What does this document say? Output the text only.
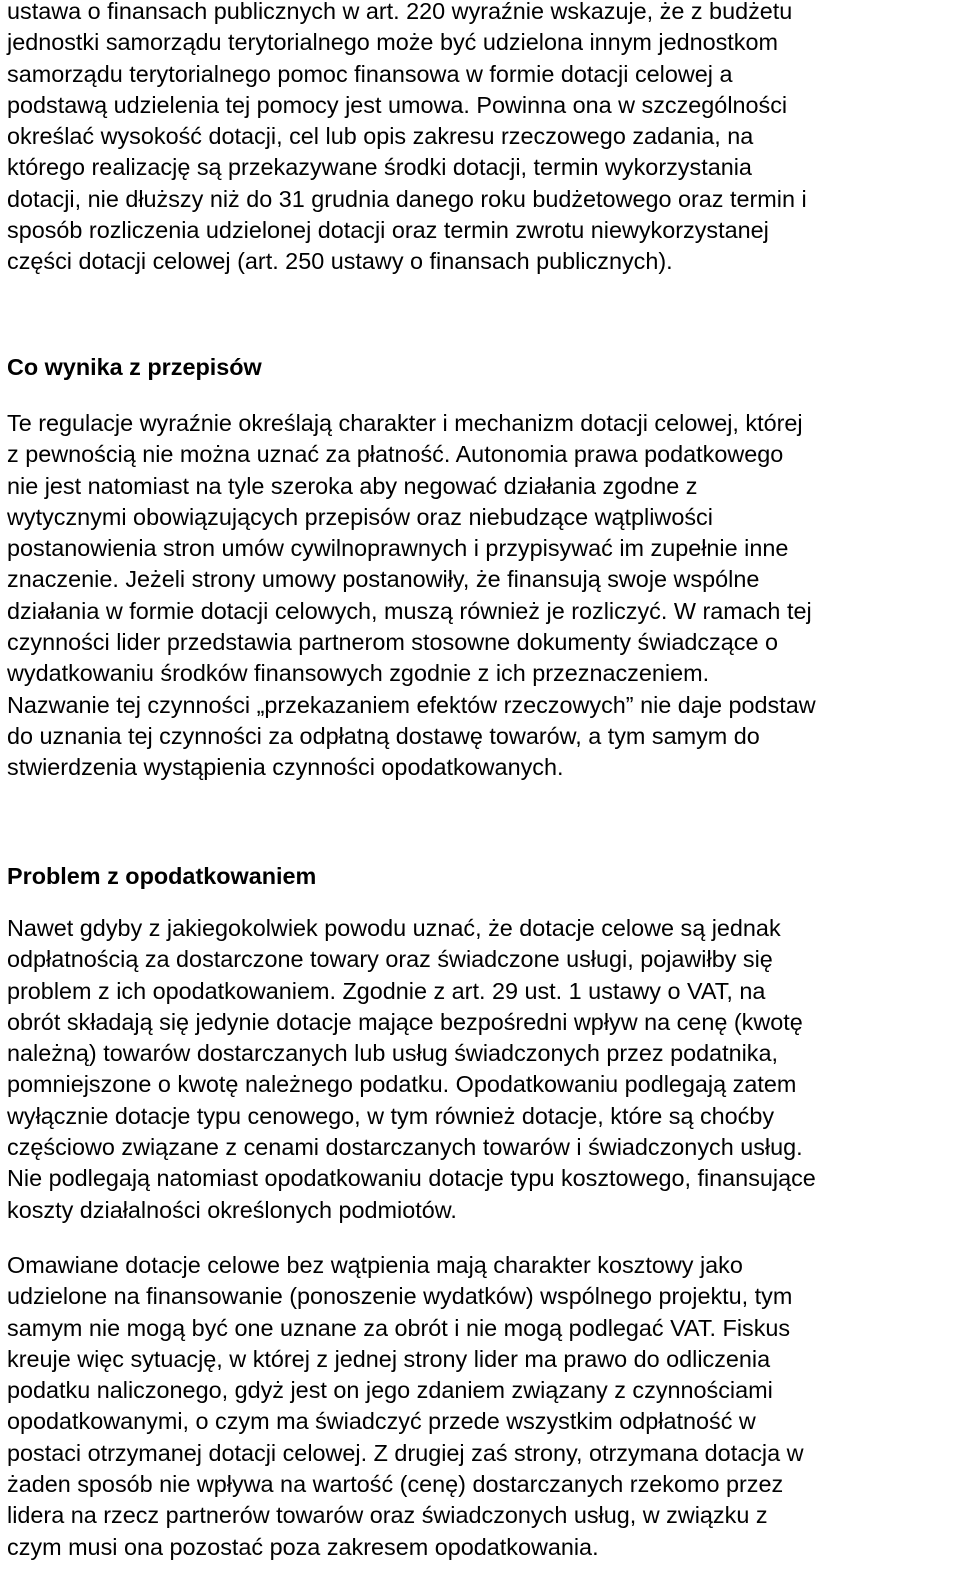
ustawa o finansach publicznych w art. 220 wyraźnie wskazuje, że z budżetu
jednostki samorządu terytorialnego może być udzielona innym jednostkom
samorządu terytorialnego pomoc finansowa w formie dotacji celowej a
podstawą udzielenia tej pomocy jest umowa. Powinna ona w szczególności
określać wysokość dotacji, cel lub opis zakresu rzeczowego zadania, na
którego realizację są przekazywane środki dotacji, termin wykorzystania
dotacji, nie dłuższy niż do 31 grudnia danego roku budżetowego oraz termin i
sposób rozliczenia udzielonej dotacji oraz termin zwrotu niewykorzystanej
części dotacji celowej (art. 250 ustawy o finansach publicznych).

Co wynika z przepisów

Te regulacje wyraźnie określają charakter i mechanizm dotacji celowej, której
z pewnością nie można uznać za płatność. Autonomia prawa podatkowego
nie jest natomiast na tyle szeroka aby negować działania zgodne z
wytycznymi obowiązujących przepisów oraz niebudzące wątpliwości
postanowienia stron umów cywilnoprawnych i przypisywać im zupełnie inne
znaczenie. Jeżeli strony umowy postanowiły, że finansują swoje wspólne
działania w formie dotacji celowych, muszą również je rozliczyć. W ramach tej
czynności lider przedstawia partnerom stosowne dokumenty świadczące o
wydatkowaniu środków finansowych zgodnie z ich przeznaczeniem.
Nazwanie tej czynności „przekazaniem efektów rzeczowych” nie daje podstaw
do uznania tej czynności za odpłatną dostawę towarów, a tym samym do
stwierdzenia wystąpienia czynności opodatkowanych.

Problem z opodatkowaniem

Nawet gdyby z jakiegokolwiek powodu uznać, że dotacje celowe są jednak
odpłatnością za dostarczone towary oraz świadczone usługi, pojawiłby się
problem z ich opodatkowaniem. Zgodnie z art. 29 ust. 1 ustawy o VAT, na
obrót składają się jedynie dotacje mające bezpośredni wpływ na cenę (kwotę
należną) towarów dostarczanych lub usług świadczonych przez podatnika,
pomniejszone o kwotę należnego podatku. Opodatkowaniu podlegają zatem
wyłącznie dotacje typu cenowego, w tym również dotacje, które są choćby
częściowo związane z cenami dostarczanych towarów i świadczonych usług.
Nie podlegają natomiast opodatkowaniu dotacje typu kosztowego, finansujące
koszty działalności określonych podmiotów.

Omawiane dotacje celowe bez wątpienia mają charakter kosztowy jako
udzielone na finansowanie (ponoszenie wydatków) wspólnego projektu, tym
samym nie mogą być one uznane za obrót i nie mogą podlegać VAT. Fiskus
kreuje więc sytuację, w której z jednej strony lider ma prawo do odliczenia
podatku naliczonego, gdyż jest on jego zdaniem związany z czynnościami
opodatkowanymi, o czym ma świadczyć przede wszystkim odpłatność w
postaci otrzymanej dotacji celowej. Z drugiej zaś strony, otrzymana dotacja w
żaden sposób nie wpływa na wartość (cenę) dostarczanych rzekomo przez
lidera na rzecz partnerów towarów oraz świadczonych usług, w związku z
czym musi ona pozostać poza zakresem opodatkowania.
